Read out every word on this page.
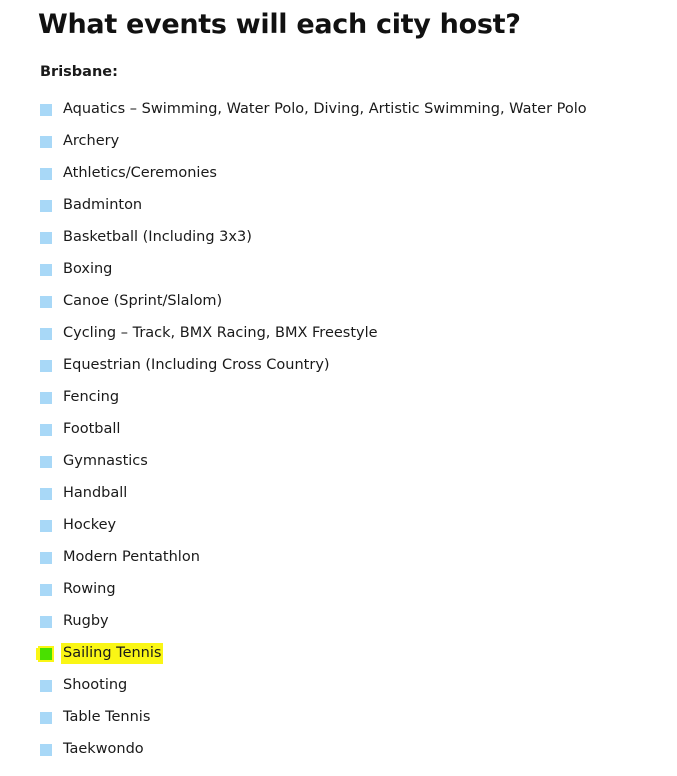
What events will each city host?
Brisbane:
Aquatics – Swimming, Water Polo, Diving, Artistic Swimming, Water Polo
Archery
Athletics/Ceremonies
Badminton
Basketball (Including 3x3)
Boxing
Canoe (Sprint/Slalom)
Cycling – Track, BMX Racing, BMX Freestyle
Equestrian (Including Cross Country)
Fencing
Football
Gymnastics
Handball
Hockey
Modern Pentathlon
Rowing
Rugby
Sailing Tennis
Shooting
Table Tennis
Taekwondo
